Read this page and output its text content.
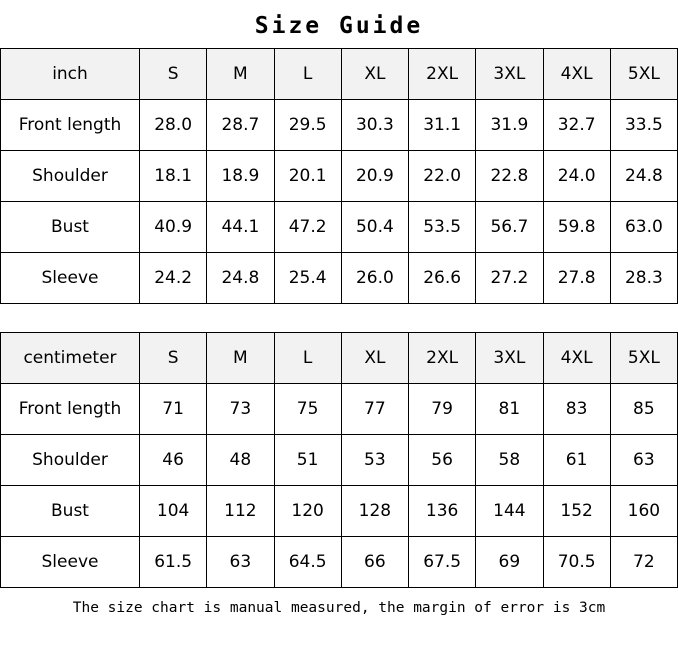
Size Guide
inch	S	M	L	XL	2XL	3XL	4XL	5XL
Front length	28.0	28.7	29.5	30.3	31.1	31.9	32.7	33.5
Shoulder	18.1	18.9	20.1	20.9	22.0	22.8	24.0	24.8
Bust	40.9	44.1	47.2	50.4	53.5	56.7	59.8	63.0
Sleeve	24.2	24.8	25.4	26.0	26.6	27.2	27.8	28.3
centimeter	S	M	L	XL	2XL	3XL	4XL	5XL
Front length	71	73	75	77	79	81	83	85
Shoulder	46	48	51	53	56	58	61	63
Bust	104	112	120	128	136	144	152	160
Sleeve	61.5	63	64.5	66	67.5	69	70.5	72
The size chart is manual measured, the margin of error is 3cm
